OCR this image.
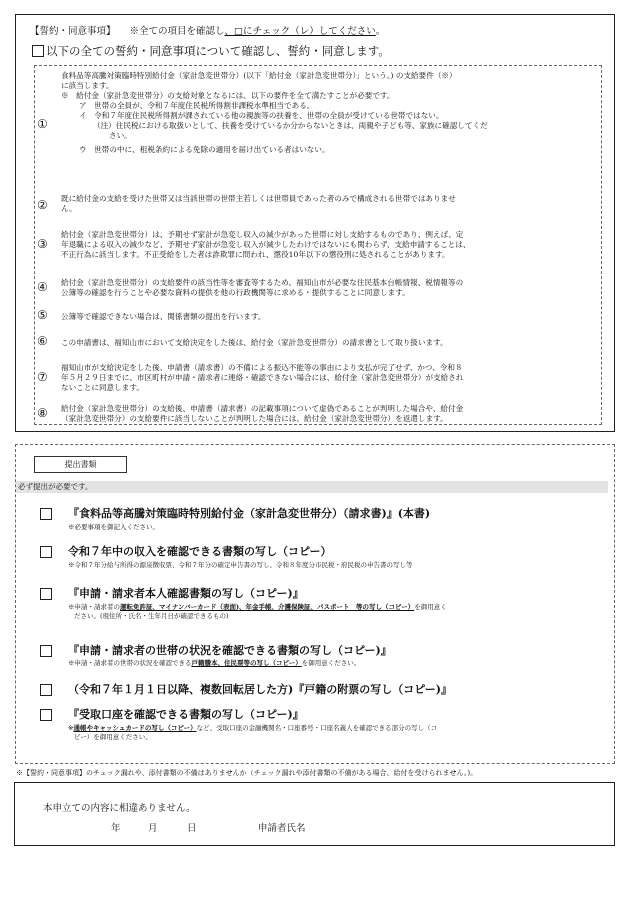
【誓約・同意事項】 ※全ての項目を確認し、□にチェック（レ）してください。
以下の全ての誓約・同意事項について確認し、誓約・同意します。
①
食料品等高騰対策臨時特別給付金（家計急変世帯分）(以下「給付金（家計急変世帯分）」という。) の支給要件（※）
に該当します。
※　給付金（家計急変世帯分）の支給対象となるには、以下の要件を全て満たすことが必要です。
ア　世帯の全員が、令和７年度住民税所得割非課税水準相当である。
イ　令和７年度住民税所得割が課されている他の親族等の扶養を、世帯の全員が受けている世帯ではない。
（注）住民税における取扱いとして、扶養を受けているか分からないときは、両親や子ども等、家族に確認してくだ
さい。
ウ　世帯の中に、租税条約による免除の適用を届け出ている者はいない。
② 既に給付金の支給を受けた世帯又は当該世帯の世帯主若しくは世帯員であった者のみで構成される世帯ではありませ
ん。
③
給付金（家計急変世帯分）は、予期せず家計が急変し収入の減少があった世帯に対し支給するものであり、例えば、定
年退職による収入の減少など、予期せず家計が急変し収入が減少したわけではないにも関わらず、支給申請することは、
不正行為に該当します。不正受給をした者は詐欺罪に問われ、懲役10年以下の懲役刑に処されることがあります。
④ 給付金（家計急変世帯分）の支給要件の該当性等を審査等するため、福知山市が必要な住民基本台帳情報、税情報等の
公簿等の確認を行うことや必要な資料の提供を他の行政機関等に求める・提供することに同意します。
⑤ 公簿等で確認できない場合は、関係書類の提出を行います。
⑥ この申請書は、福知山市において支給決定をした後は、給付金（家計急変世帯分）の請求書として取り扱います。
⑦
福知山市が支給決定をした後、申請書（請求書）の不備による振込不能等の事由により支払が完了せず、かつ、令和８
年５月２９日までに、市区町村が申請・請求者に連絡・確認できない場合には、給付金（家計急変世帯分）が支給され
ないことに同意します。
⑧ 給付金（家計急変世帯分）の支給後、申請書（請求書）の記載事項について虚偽であることが判明した場合や、給付金
（家計急変世帯分）の支給要件に該当しないことが判明した場合には、給付金（家計急変世帯分）を返還します。
提出書類
必ず提出が必要です。
『食料品等高騰対策臨時特別給付金（家計急変世帯分）（請求書)』(本書)
※必要事項を御記入ください。
令和７年中の収入を確認できる書類の写し（コピー）
※令和７年分給与所得の源泉徴収票、令和７年分の確定申告書の写し、令和８年度分市民税・府民税の申告書の写し等
『申請・請求者本人確認書類の写し（コピー)』
※申請・請求者の運転免許証、マイナンバーカード（表面)、年金手帳、介護保険証、パスポート　等の写し（コピー）を御用意く
ださい。(現住所・氏名・生年月日が確認できるもの)
『申請・請求者の世帯の状況を確認できる書類の写し（コピー)』
※申請・請求者の世帯の状況を確認できる戸籍謄本、住民票等の写し（コピー）を御用意ください。
（令和７年１月１日以降、複数回転居した方)『戸籍の附票の写し（コピー)』
『受取口座を確認できる書類の写し（コピー)』
※通帳やキャッシュカードの写し（コピー）など、受取口座の金融機関名・口座番号・口座名義人を確認できる部分の写し（コ
ピー）を御用意ください。
※【誓約・同意事項】のチェック漏れや、添付書類の不備はありませんか（チェック漏れや添付書類の不備がある場合、給付を受けられません。)。
本申立ての内容に相違ありません。
年	月	日	申請者氏名
